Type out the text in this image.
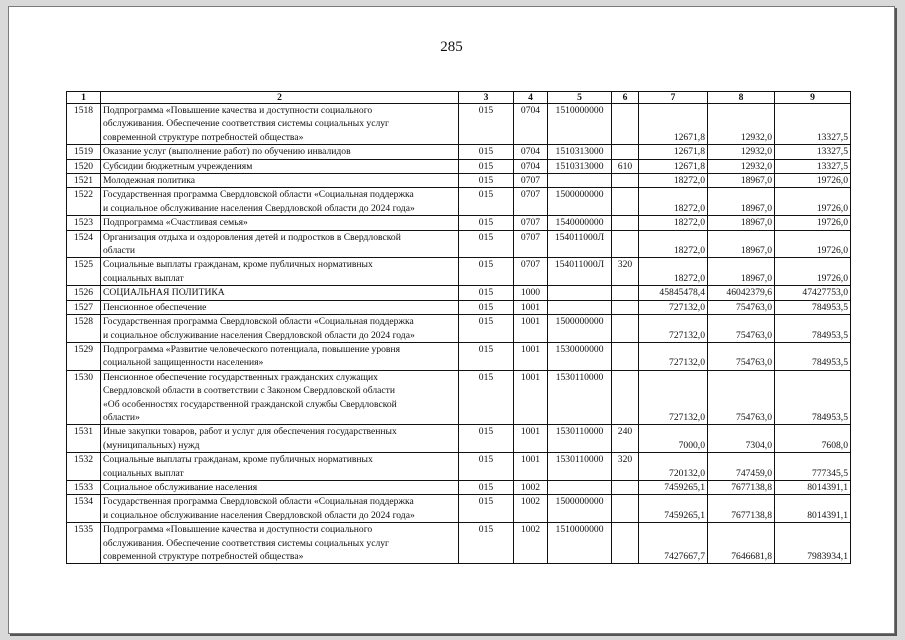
285
1	2	3	4	5	6	7	8	9
1518	Подпрограмма «Повышение качества и доступности социального
обслуживания. Обеспечение соответствия системы социальных услуг
современной структуре потребностей общества»	015	0704	1510000000		12671,8	12932,0	13327,5
1519	Оказание услуг (выполнение работ) по обучению инвалидов	015	0704	1510313000		12671,8	12932,0	13327,5
1520	Субсидии бюджетным учреждениям	015	0704	1510313000	610	12671,8	12932,0	13327,5
1521	Молодежная политика	015	0707			18272,0	18967,0	19726,0
1522	Государственная программа Свердловской области «Социальная поддержка
и социальное обслуживание населения Свердловской области до 2024 года»	015	0707	1500000000		18272,0	18967,0	19726,0
1523	Подпрограмма «Счастливая семья»	015	0707	1540000000		18272,0	18967,0	19726,0
1524	Организация отдыха и оздоровления детей и подростков в Свердловской
области	015	0707	154011000Л		18272,0	18967,0	19726,0
1525	Социальные выплаты гражданам, кроме публичных нормативных
социальных выплат	015	0707	154011000Л	320	18272,0	18967,0	19726,0
1526	СОЦИАЛЬНАЯ ПОЛИТИКА	015	1000			45845478,4	46042379,6	47427753,0
1527	Пенсионное обеспечение	015	1001			727132,0	754763,0	784953,5
1528	Государственная программа Свердловской области «Социальная поддержка
и социальное обслуживание населения Свердловской области до 2024 года»	015	1001	1500000000		727132,0	754763,0	784953,5
1529	Подпрограмма «Развитие человеческого потенциала, повышение уровня
социальной защищенности населения»	015	1001	1530000000		727132,0	754763,0	784953,5
1530	Пенсионное обеспечение государственных гражданских служащих
Свердловской области в соответствии с Законом Свердловской области
«Об особенностях государственной гражданской службы Свердловской
области»	015	1001	1530110000		727132,0	754763,0	784953,5
1531	Иные закупки товаров, работ и услуг для обеспечения государственных
(муниципальных) нужд	015	1001	1530110000	240	7000,0	7304,0	7608,0
1532	Социальные выплаты гражданам, кроме публичных нормативных
социальных выплат	015	1001	1530110000	320	720132,0	747459,0	777345,5
1533	Социальное обслуживание населения	015	1002			7459265,1	7677138,8	8014391,1
1534	Государственная программа Свердловской области «Социальная поддержка
и социальное обслуживание населения Свердловской области до 2024 года»	015	1002	1500000000		7459265,1	7677138,8	8014391,1
1535	Подпрограмма «Повышение качества и доступности социального
обслуживания. Обеспечение соответствия системы социальных услуг
современной структуре потребностей общества»	015	1002	1510000000		7427667,7	7646681,8	7983934,1
